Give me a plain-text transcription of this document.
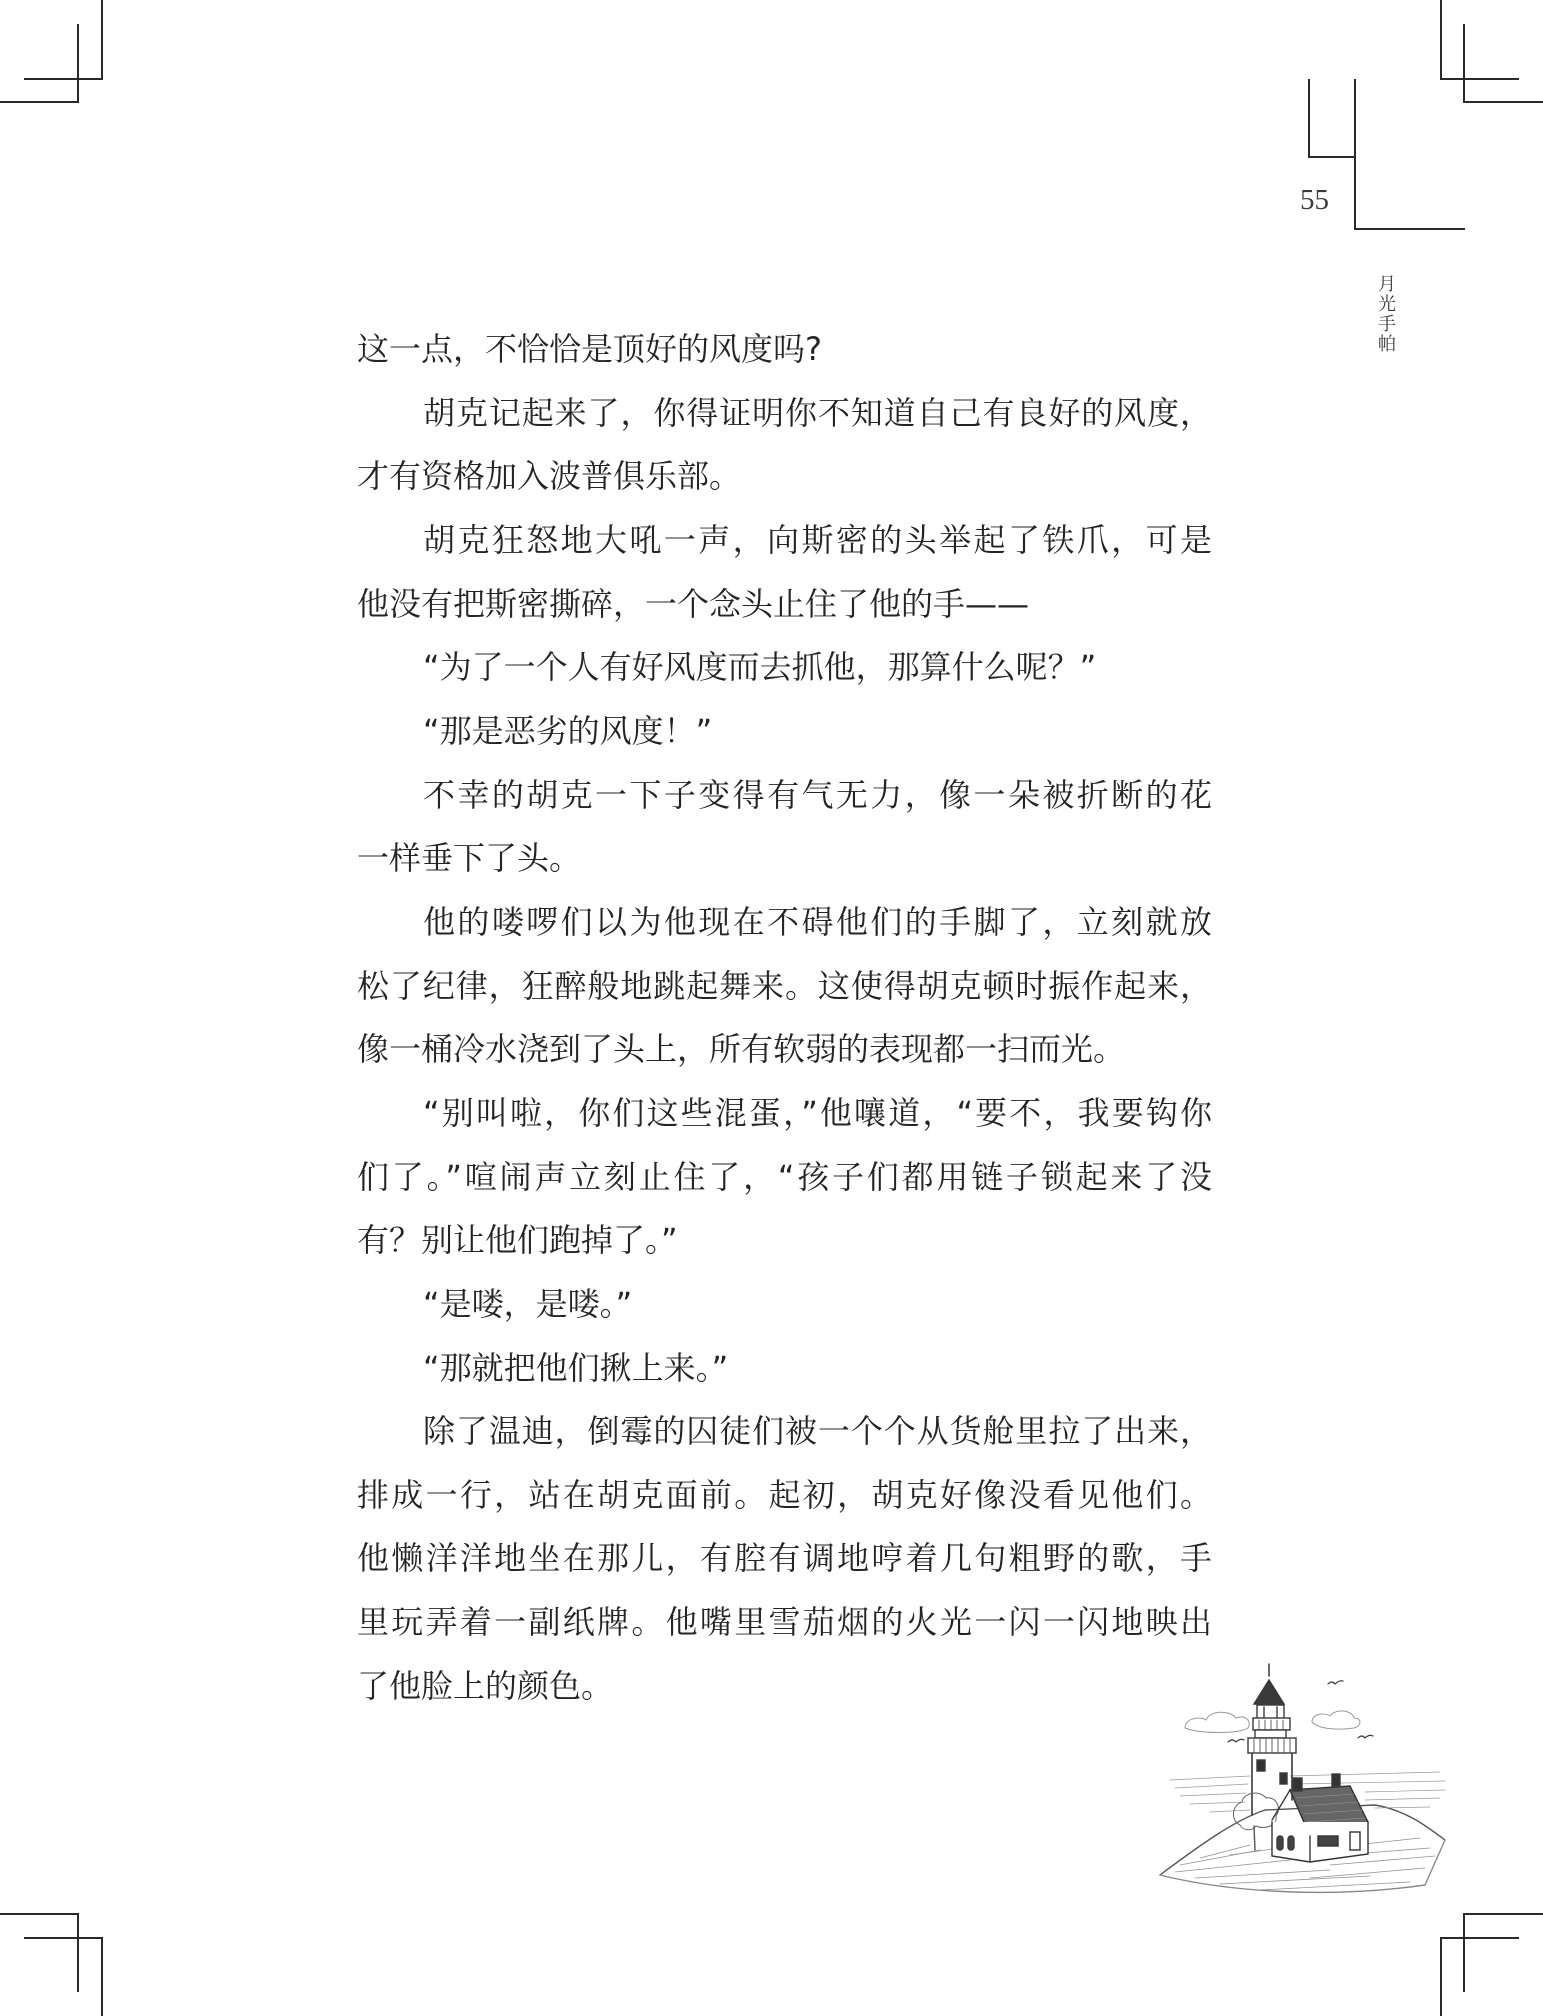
55
月光手帕
这一点，不恰恰是顶好的风度吗?
胡克记起来了，你得证明你不知道自己有良好的风度，
才有资格加入波普俱乐部。
胡克狂怒地大吼一声，向斯密的头举起了铁爪，可是
他没有把斯密撕碎，一个念头止住了他的手——
“为了一个人有好风度而去抓他，那算什么呢？”
“那是恶劣的风度！”
不幸的胡克一下子变得有气无力，像一朵被折断的花
一样垂下了头。
他的喽啰们以为他现在不碍他们的手脚了，立刻就放
松了纪律，狂醉般地跳起舞来。这使得胡克顿时振作起来，
像一桶冷水浇到了头上，所有软弱的表现都一扫而光。
“别叫啦，你们这些混蛋，”他嚷道，“要不，我要钩你
们了。”喧闹声立刻止住了，“孩子们都用链子锁起来了没
有？别让他们跑掉了。”
“是喽，是喽。”
“那就把他们揪上来。”
除了温迪，倒霉的囚徒们被一个个从货舱里拉了出来，
排成一行，站在胡克面前。起初，胡克好像没看见他们。
他懒洋洋地坐在那儿，有腔有调地哼着几句粗野的歌，手
里玩弄着一副纸牌。他嘴里雪茄烟的火光一闪一闪地映出
了他脸上的颜色。
